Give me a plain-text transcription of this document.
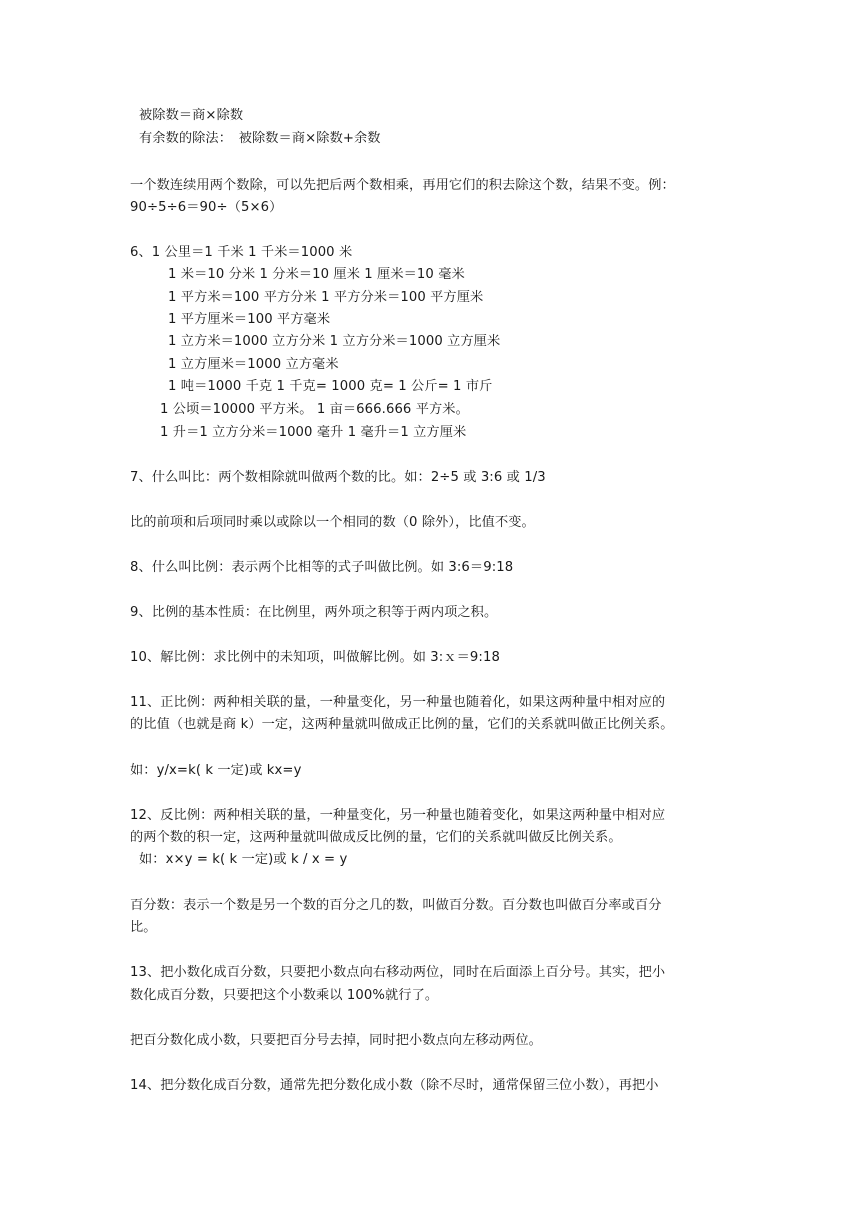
被除数＝商×除数
有余数的除法：　被除数＝商×除数+余数
一个数连续用两个数除，可以先把后两个数相乘，再用它们的积去除这个数，结果不变。例：
90÷5÷6＝90÷（5×6）
6、1 公里＝1 千米 1 千米＝1000 米
1 米＝10 分米 1 分米＝10 厘米 1 厘米＝10 毫米
1 平方米＝100 平方分米 1 平方分米＝100 平方厘米
1 平方厘米＝100 平方毫米
1 立方米＝1000 立方分米 1 立方分米＝1000 立方厘米
1 立方厘米＝1000 立方毫米
1 吨＝1000 千克 1 千克= 1000 克= 1 公斤= 1 市斤
1 公顷＝10000 平方米。 1 亩＝666.666 平方米。
1 升＝1 立方分米＝1000 毫升 1 毫升＝1 立方厘米
7、什么叫比：两个数相除就叫做两个数的比。如：2÷5 或 3:6 或 1/3
比的前项和后项同时乘以或除以一个相同的数（0 除外），比值不变。
8、什么叫比例：表示两个比相等的式子叫做比例。如 3:6＝9:18
9、比例的基本性质：在比例里，两外项之积等于两内项之积。
10、解比例：求比例中的未知项，叫做解比例。如 3:ｘ＝9:18
11、正比例：两种相关联的量，一种量变化，另一种量也随着化，如果这两种量中相对应的
的比值（也就是商 k）一定，这两种量就叫做成正比例的量，它们的关系就叫做正比例关系。
如：y/x=k( k 一定)或 kx=y
12、反比例：两种相关联的量，一种量变化，另一种量也随着变化，如果这两种量中相对应
的两个数的积一定，这两种量就叫做成反比例的量，它们的关系就叫做反比例关系。
如：x×y = k( k 一定)或 k / x = y
百分数：表示一个数是另一个数的百分之几的数，叫做百分数。百分数也叫做百分率或百分
比。
13、把小数化成百分数，只要把小数点向右移动两位，同时在后面添上百分号。其实，把小
数化成百分数，只要把这个小数乘以 100%就行了。
把百分数化成小数，只要把百分号去掉，同时把小数点向左移动两位。
14、把分数化成百分数，通常先把分数化成小数（除不尽时，通常保留三位小数），再把小
